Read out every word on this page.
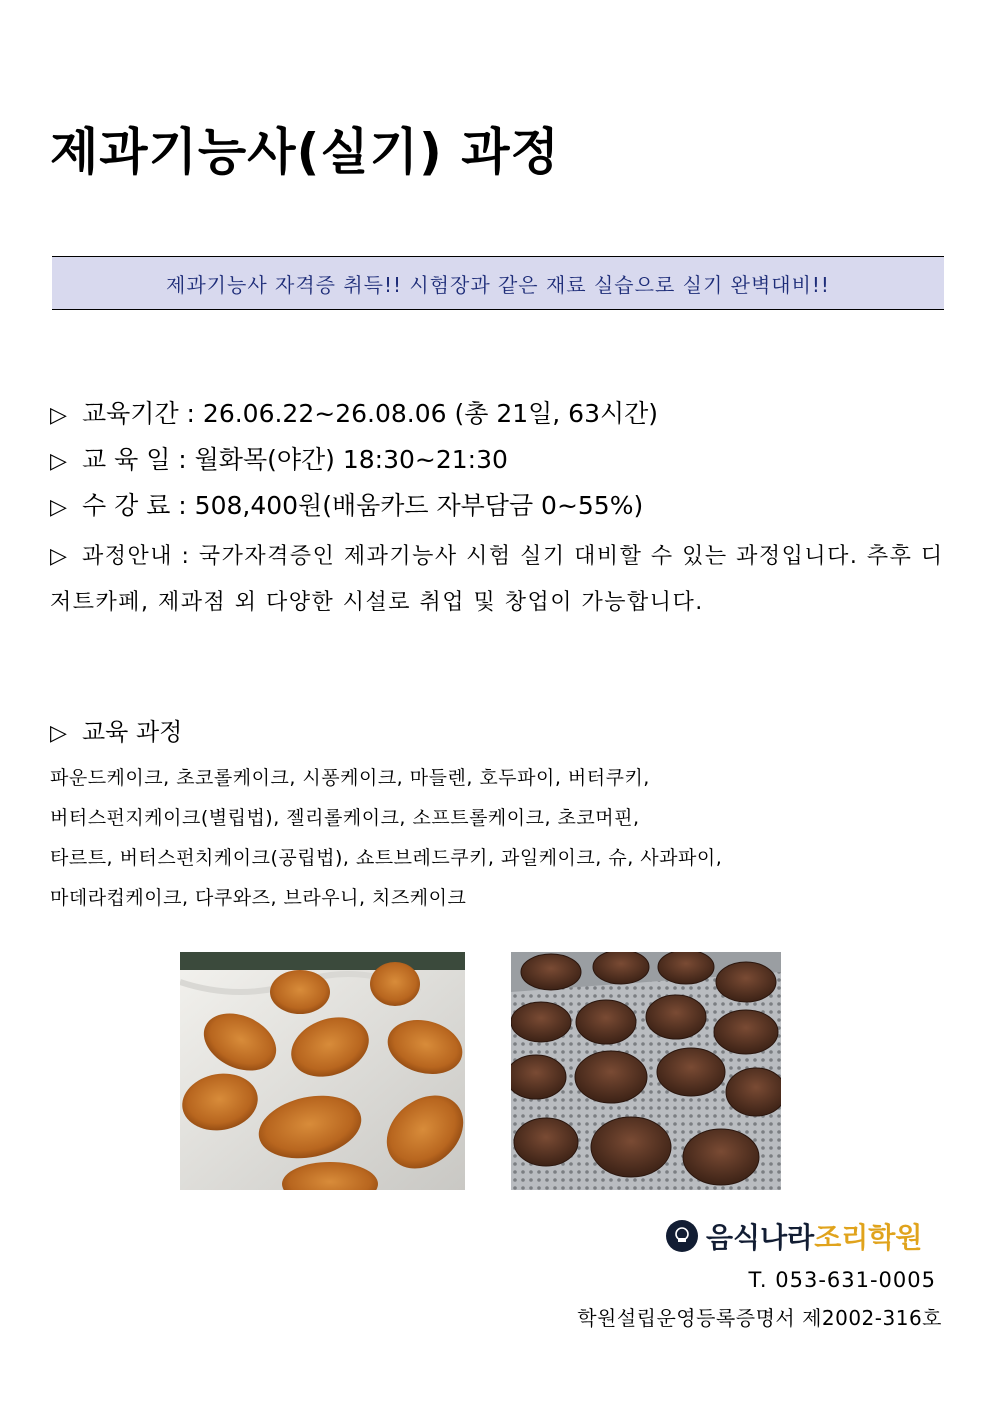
제과기능사(실기) 과정
제과기능사 자격증 취득!! 시험장과 같은 재료 실습으로 실기 완벽대비!!
▷ 교육기간 : 26.06.22~26.08.06 (총 21일, 63시간)
▷ 교 육 일 : 월화목(야간) 18:30~21:30
▷ 수 강 료 : 508,400원(배움카드 자부담금 0~55%)
▷ 과정안내 : 국가자격증인 제과기능사 시험 실기 대비할 수 있는 과정입니다. 추후 디저트카페, 제과점 외 다양한 시설로 취업 및 창업이 가능합니다.
▷ 교육 과정
파운드케이크, 초코롤케이크, 시퐁케이크, 마들렌, 호두파이, 버터쿠키,
버터스펀지케이크(별립법), 젤리롤케이크, 소프트롤케이크, 초코머핀,
타르트, 버터스펀치케이크(공립법), 쇼트브레드쿠키, 과일케이크, 슈, 사과파이,
마데라컵케이크, 다쿠와즈, 브라우니, 치즈케이크
음식나라 조리학원
T. 053-631-0005
학원설립운영등록증명서 제2002-316호
